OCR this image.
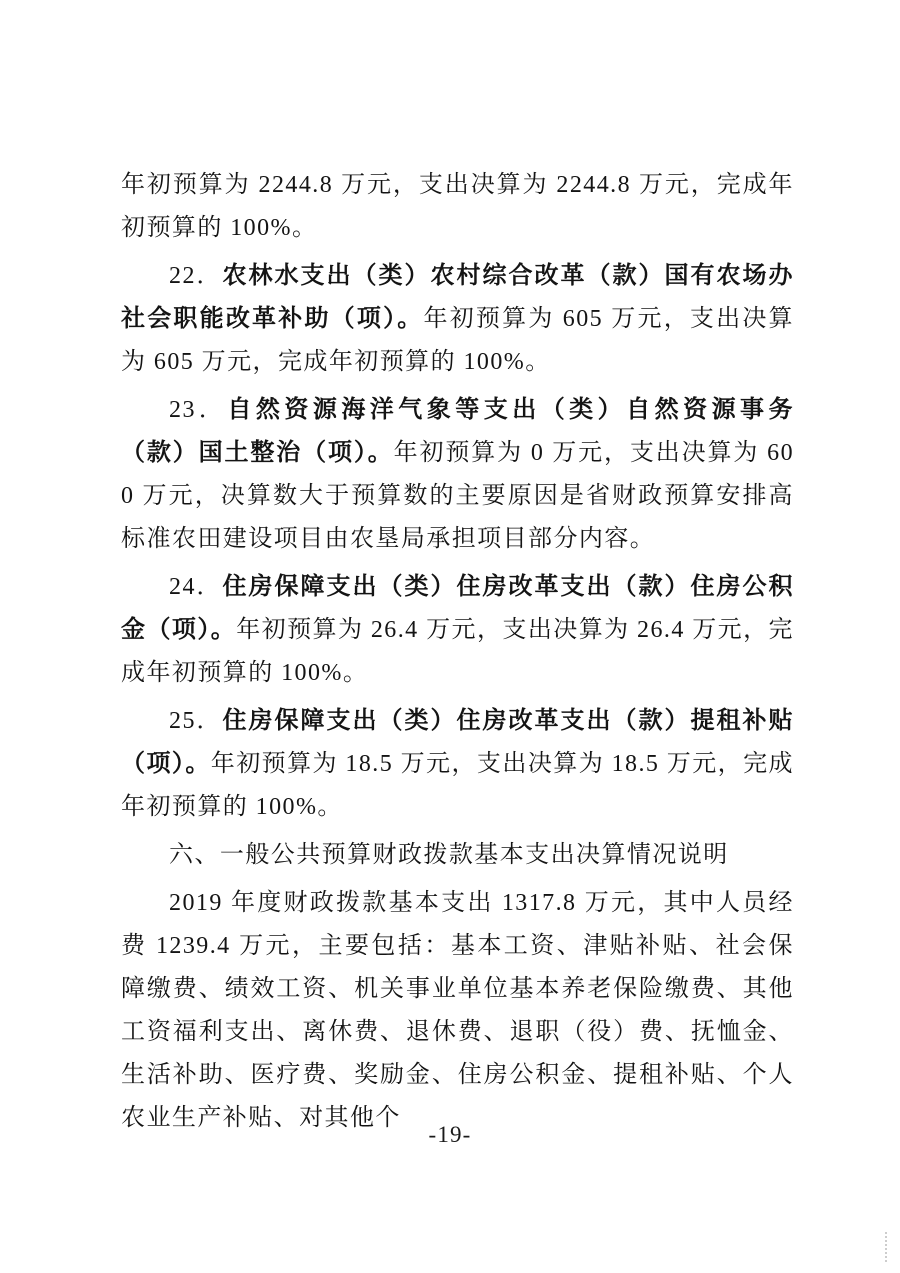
年初预算为 2244.8 万元，支出决算为 2244.8 万元，完成年初预算的 100%。

22．农林水支出（类）农村综合改革（款）国有农场办社会职能改革补助（项）。年初预算为 605 万元，支出决算为 605 万元，完成年初预算的 100%。

23．自然资源海洋气象等支出（类）自然资源事务（款）国土整治（项）。年初预算为 0 万元，支出决算为 600 万元，决算数大于预算数的主要原因是省财政预算安排高标准农田建设项目由农垦局承担项目部分内容。

24．住房保障支出（类）住房改革支出（款）住房公积金（项）。年初预算为 26.4 万元，支出决算为 26.4 万元，完成年初预算的 100%。

25．住房保障支出（类）住房改革支出（款）提租补贴（项）。年初预算为 18.5 万元，支出决算为 18.5 万元，完成年初预算的 100%。

六、一般公共预算财政拨款基本支出决算情况说明

2019 年度财政拨款基本支出 1317.8 万元，其中人员经费 1239.4 万元，主要包括：基本工资、津贴补贴、社会保障缴费、绩效工资、机关事业单位基本养老保险缴费、其他工资福利支出、离休费、退休费、退职（役）费、抚恤金、生活补助、医疗费、奖励金、住房公积金、提租补贴、个人农业生产补贴、对其他个

-19-
